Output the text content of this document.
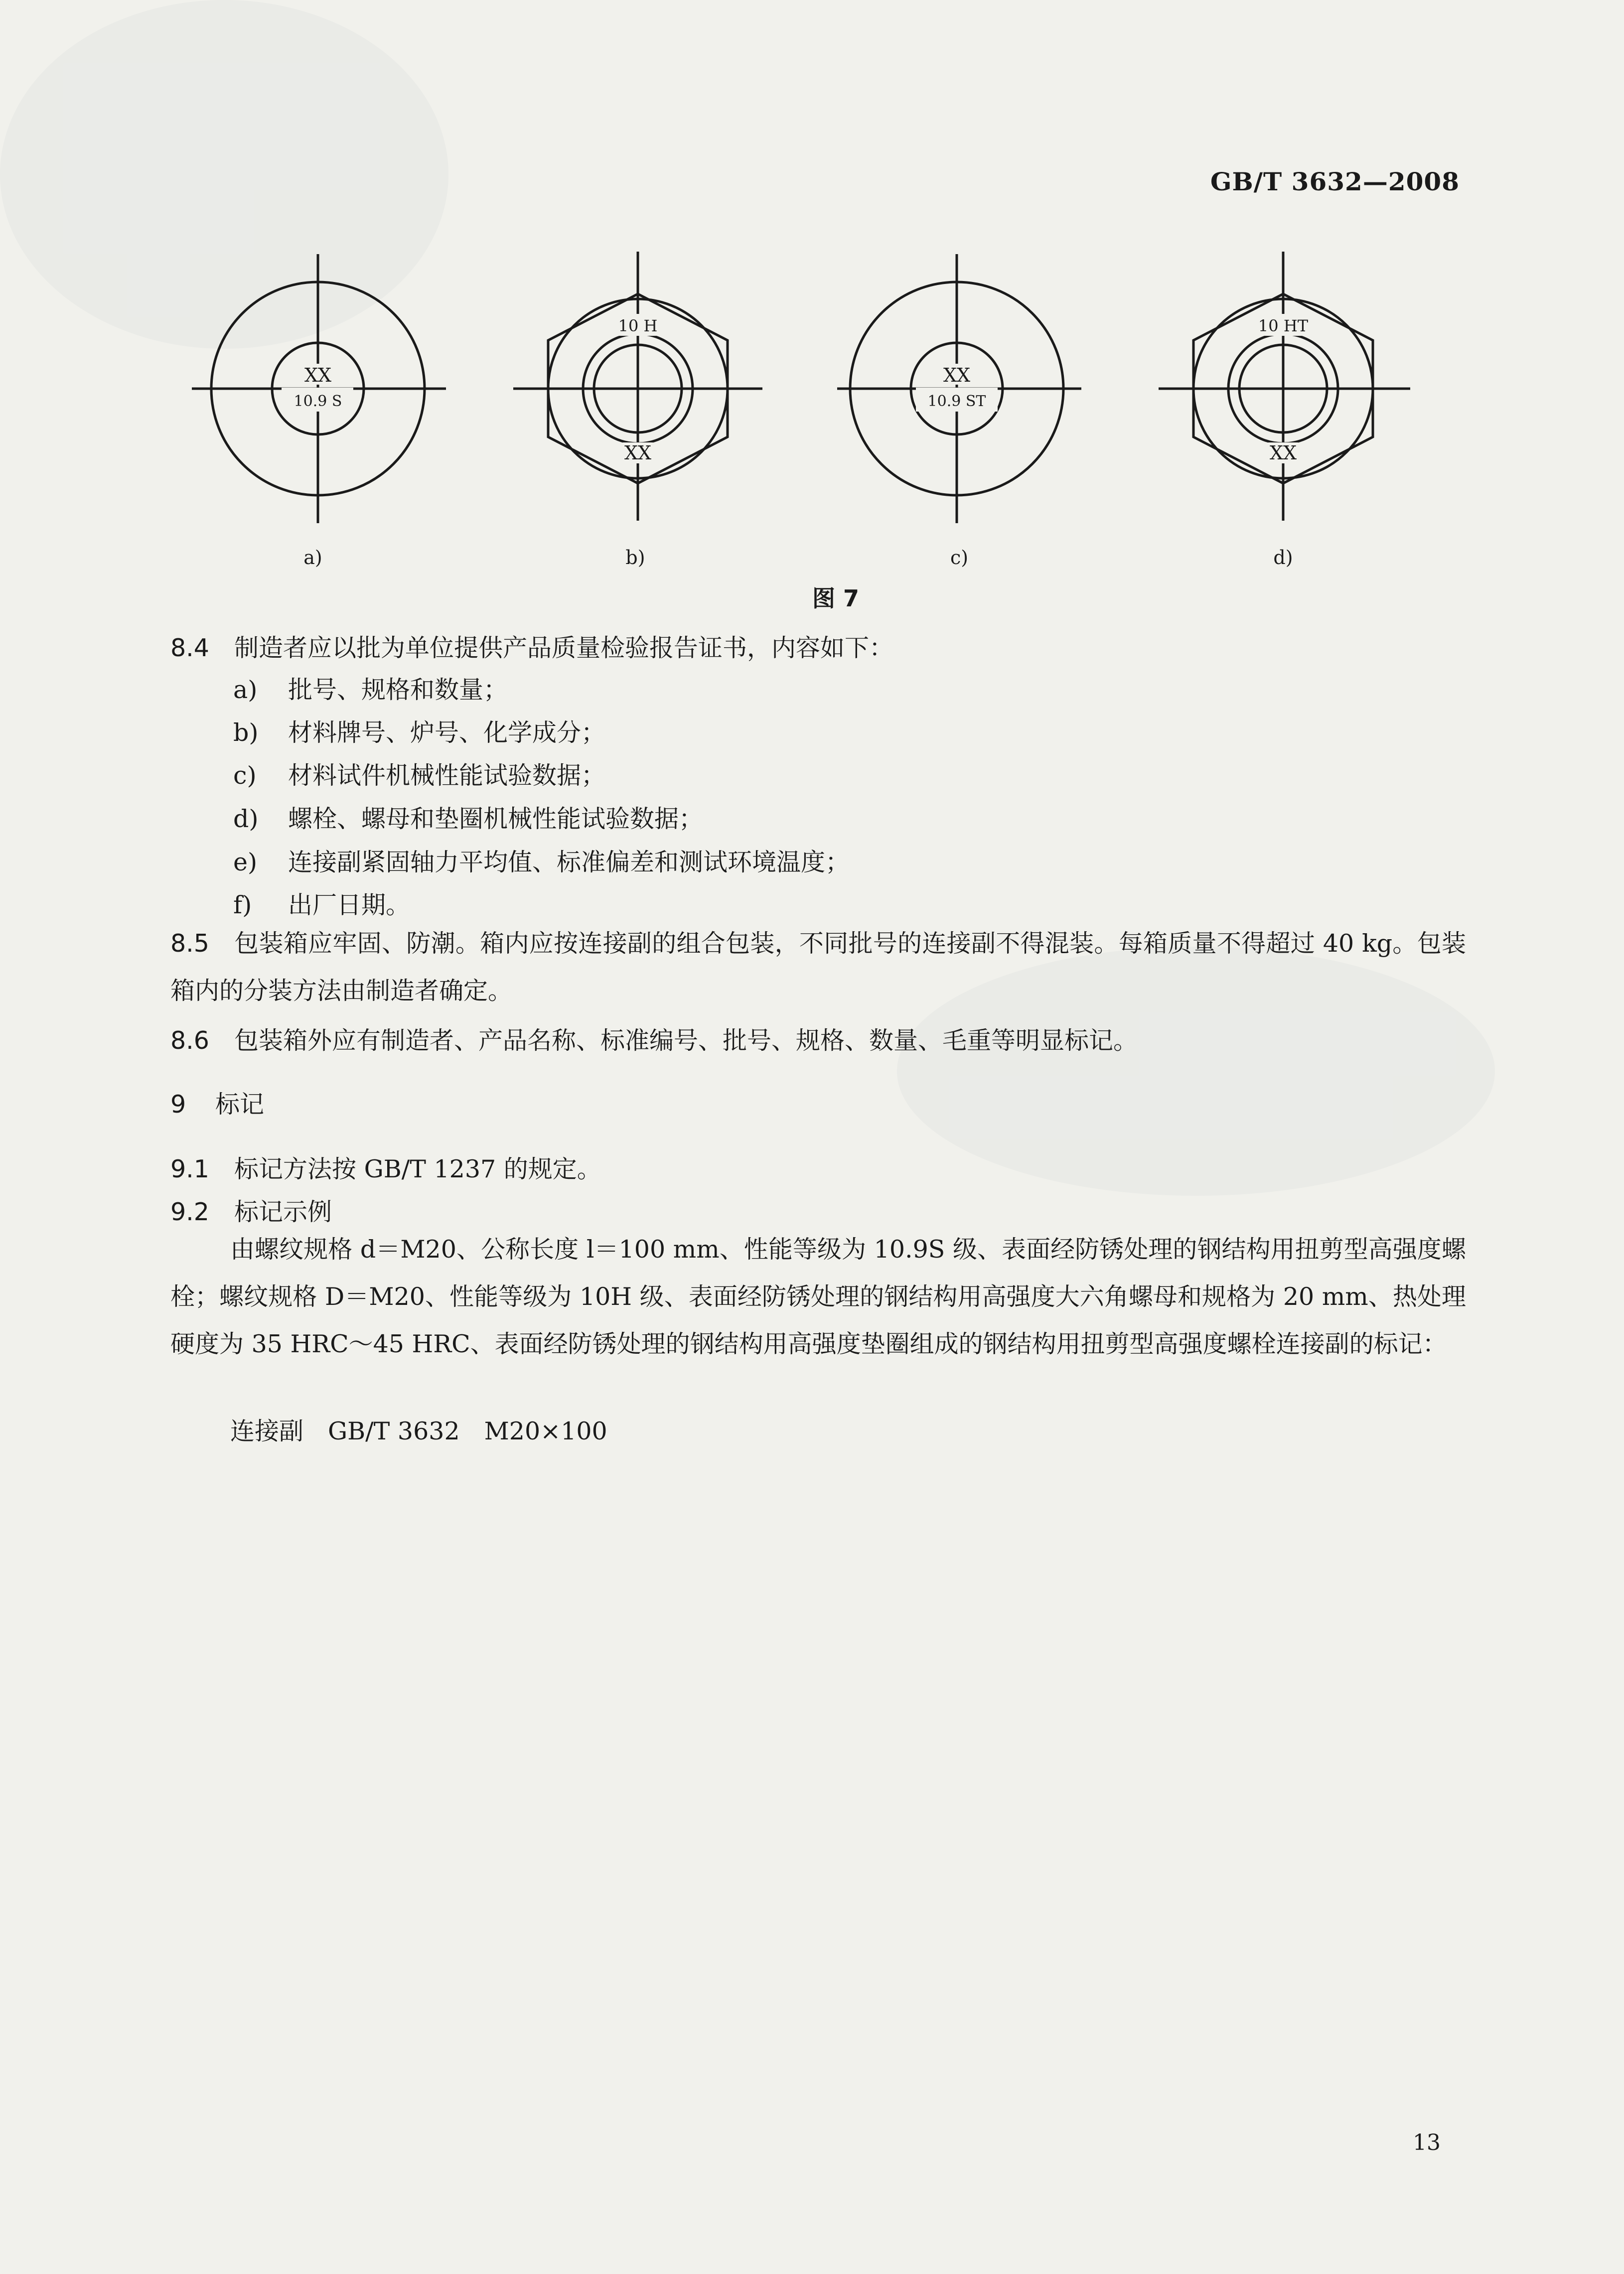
GB/T 3632—2008
XX
10.9 S
10 H
XX
XX
10.9 ST
10 HT
XX
a)	b)	c)	d)
图 7
8.4 制造者应以批为单位提供产品质量检验报告证书，内容如下：
a) 批号、规格和数量；
b) 材料牌号、炉号、化学成分；
c) 材料试件机械性能试验数据；
d) 螺栓、螺母和垫圈机械性能试验数据；
e) 连接副紧固轴力平均值、标准偏差和测试环境温度；
f) 出厂日期。
8.5 包装箱应牢固、防潮。箱内应按连接副的组合包装，不同批号的连接副不得混装。每箱质量不得超过 40 kg。包装箱内的分装方法由制造者确定。
8.6 包装箱外应有制造者、产品名称、标准编号、批号、规格、数量、毛重等明显标记。
9 标记
9.1 标记方法按 GB/T 1237 的规定。
9.2 标记示例
由螺纹规格 d＝M20、公称长度 l＝100 mm、性能等级为 10.9S 级、表面经防锈处理的钢结构用扭剪型高强度螺栓；螺纹规格 D＝M20、性能等级为 10H 级、表面经防锈处理的钢结构用高强度大六角螺母和规格为 20 mm、热处理硬度为 35 HRC～45 HRC、表面经防锈处理的钢结构用高强度垫圈组成的钢结构用扭剪型高强度螺栓连接副的标记：
连接副　GB/T 3632　M20×100
13
